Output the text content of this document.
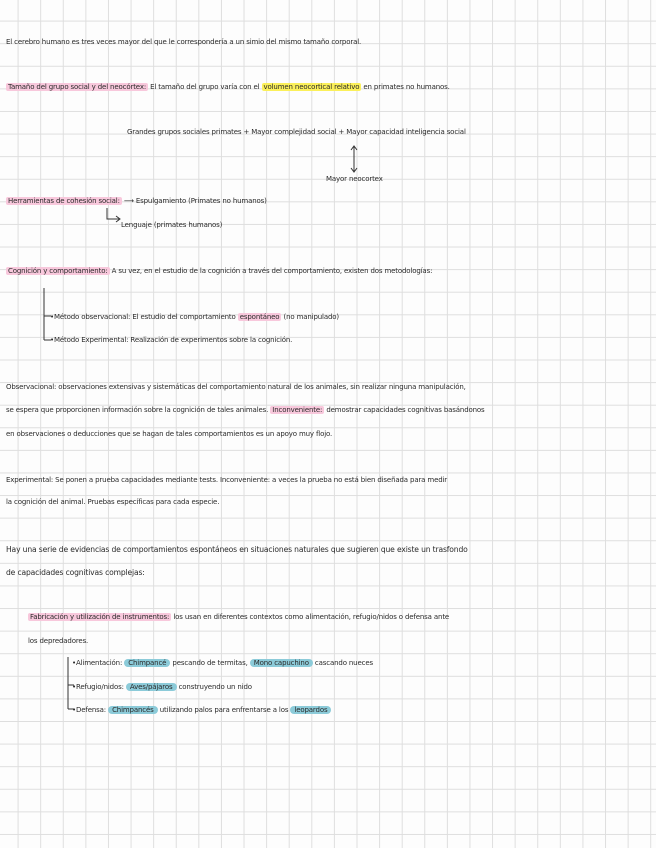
El cerebro humano es tres veces mayor del que le correspondería a un simio del mismo tamaño corporal.
Tamaño del grupo social y del neocórtex: El tamaño del grupo varía con el volumen neocortical relativo en primates no humanos.
Grandes grupos sociales primates + Mayor complejidad social + Mayor capacidad inteligencia social
Mayor neocortex
Herramientas de cohesión social: ⟶ Espulgamiento (Primates no humanos)
Lenguaje (primates humanos)
Cognición y comportamiento: A su vez, en el estudio de la cognición a través del comportamiento, existen dos metodologías:
•Método observacional: El estudio del comportamiento espontáneo (no manipulado)
•Método Experimental: Realización de experimentos sobre la cognición.
Observacional: observaciones extensivas y sistemáticas del comportamiento natural de los animales, sin realizar ninguna manipulación,
se espera que proporcionen información sobre la cognición de tales animales. Inconveniente: demostrar capacidades cognitivas basándonos
en observaciones o deducciones que se hagan de tales comportamientos es un apoyo muy flojo.
Experimental: Se ponen a prueba capacidades mediante tests. Inconveniente: a veces la prueba no está bien diseñada para medir
la cognición del animal. Pruebas específicas para cada especie.
Hay una serie de evidencias de comportamientos espontáneos en situaciones naturales que sugieren que existe un trasfondo
de capacidades cognitivas complejas:
Fabricación y utilización de instrumentos: los usan en diferentes contextos como alimentación, refugio/nidos o defensa ante
los depredadores.
•Alimentación: Chimpancé pescando de termitas, Mono capuchino cascando nueces
•Refugio/nidos: Aves/pájaros construyendo un nido
•Defensa: Chimpancés utilizando palos para enfrentarse a los leopardos
